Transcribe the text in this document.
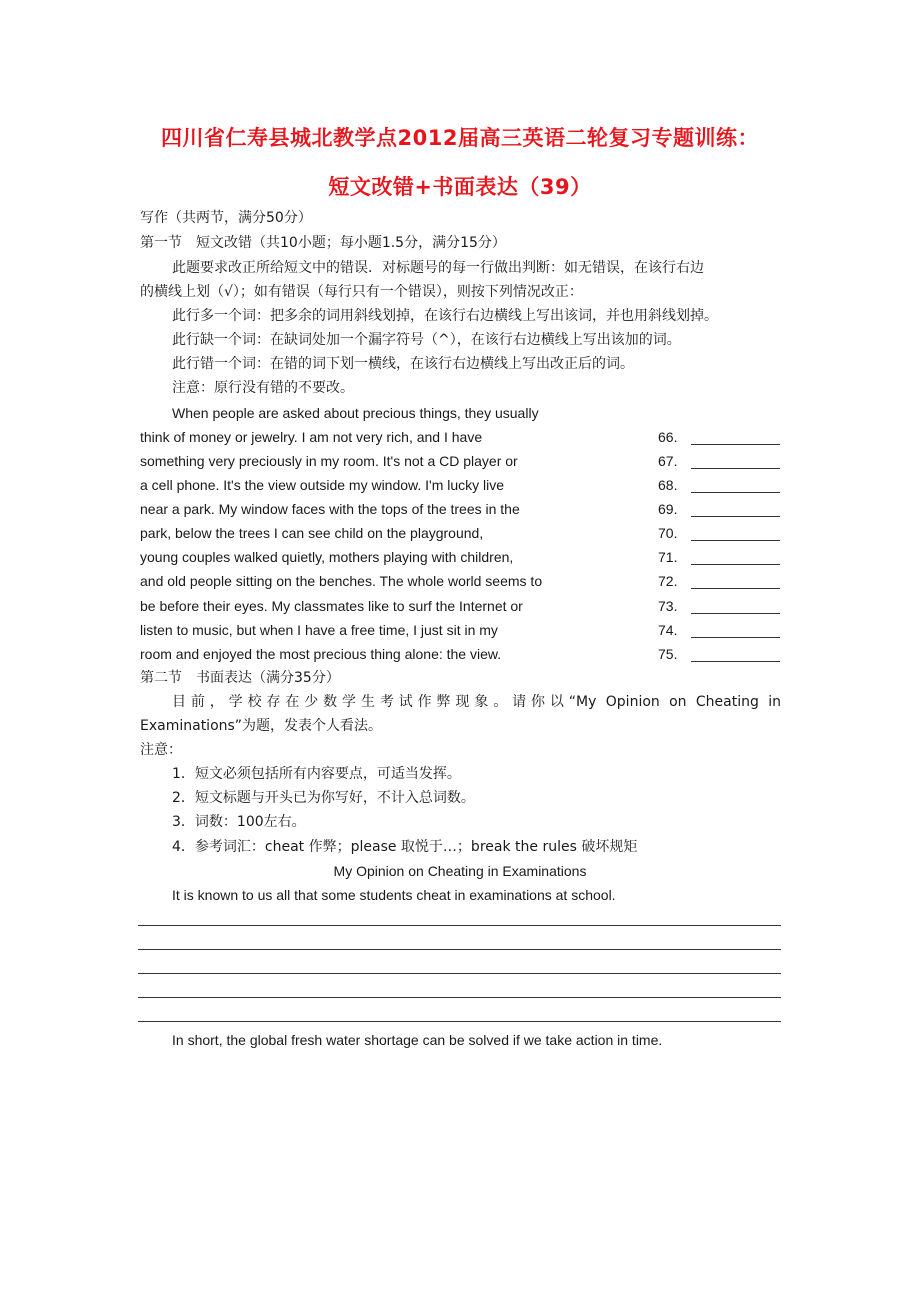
四川省仁寿县城北教学点2012届高三英语二轮复习专题训练：
短文改错+书面表达（39）
写作（共两节，满分50分）
第一节　短文改错（共10小题；每小题1.5分，满分15分）
此题要求改正所给短文中的错误．对标题号的每一行做出判断：如无错误，在该行右边
的横线上划（√）；如有错误（每行只有一个错误），则按下列情况改正：
此行多一个词：把多余的词用斜线划掉，在该行右边横线上写出该词，并也用斜线划掉。
此行缺一个词：在缺词处加一个漏字符号（^），在该行右边横线上写出该加的词。
此行错一个词：在错的词下划一横线，在该行右边横线上写出改正后的词。
注意：原行没有错的不要改。
When people are asked about precious things, they usually
think of money or jewelry. I am not very rich, and I have	66.
something very preciously in my room. It's not a CD player or	67.
a cell phone. It's the view outside my window. I'm lucky live	68.
near a park. My window faces with the tops of the trees in the	69.
park, below the trees I can see child on the playground,	70.
young couples walked quietly, mothers playing with children,	71.
and old people sitting on the benches. The whole world seems to	72.
be before their eyes. My classmates like to surf the Internet or	73.
listen to music, but when I have a free time, I just sit in my	74.
room and enjoyed the most precious thing alone: the view.	75.
第二节　书面表达（满分35分）
目前，学校存在少数学生考试作弊现象。请你以“My Opinion on Cheating in
Examinations”为题，发表个人看法。
注意：
1．短文必须包括所有内容要点，可适当发挥。
2．短文标题与开头已为你写好，不计入总词数。
3．词数：100左右。
4．参考词汇：cheat 作弊；please 取悦于…；break the rules 破坏规矩
My Opinion on Cheating in Examinations
It is known to us all that some students cheat in examinations at school.
In short, the global fresh water shortage can be solved if we take action in time.
